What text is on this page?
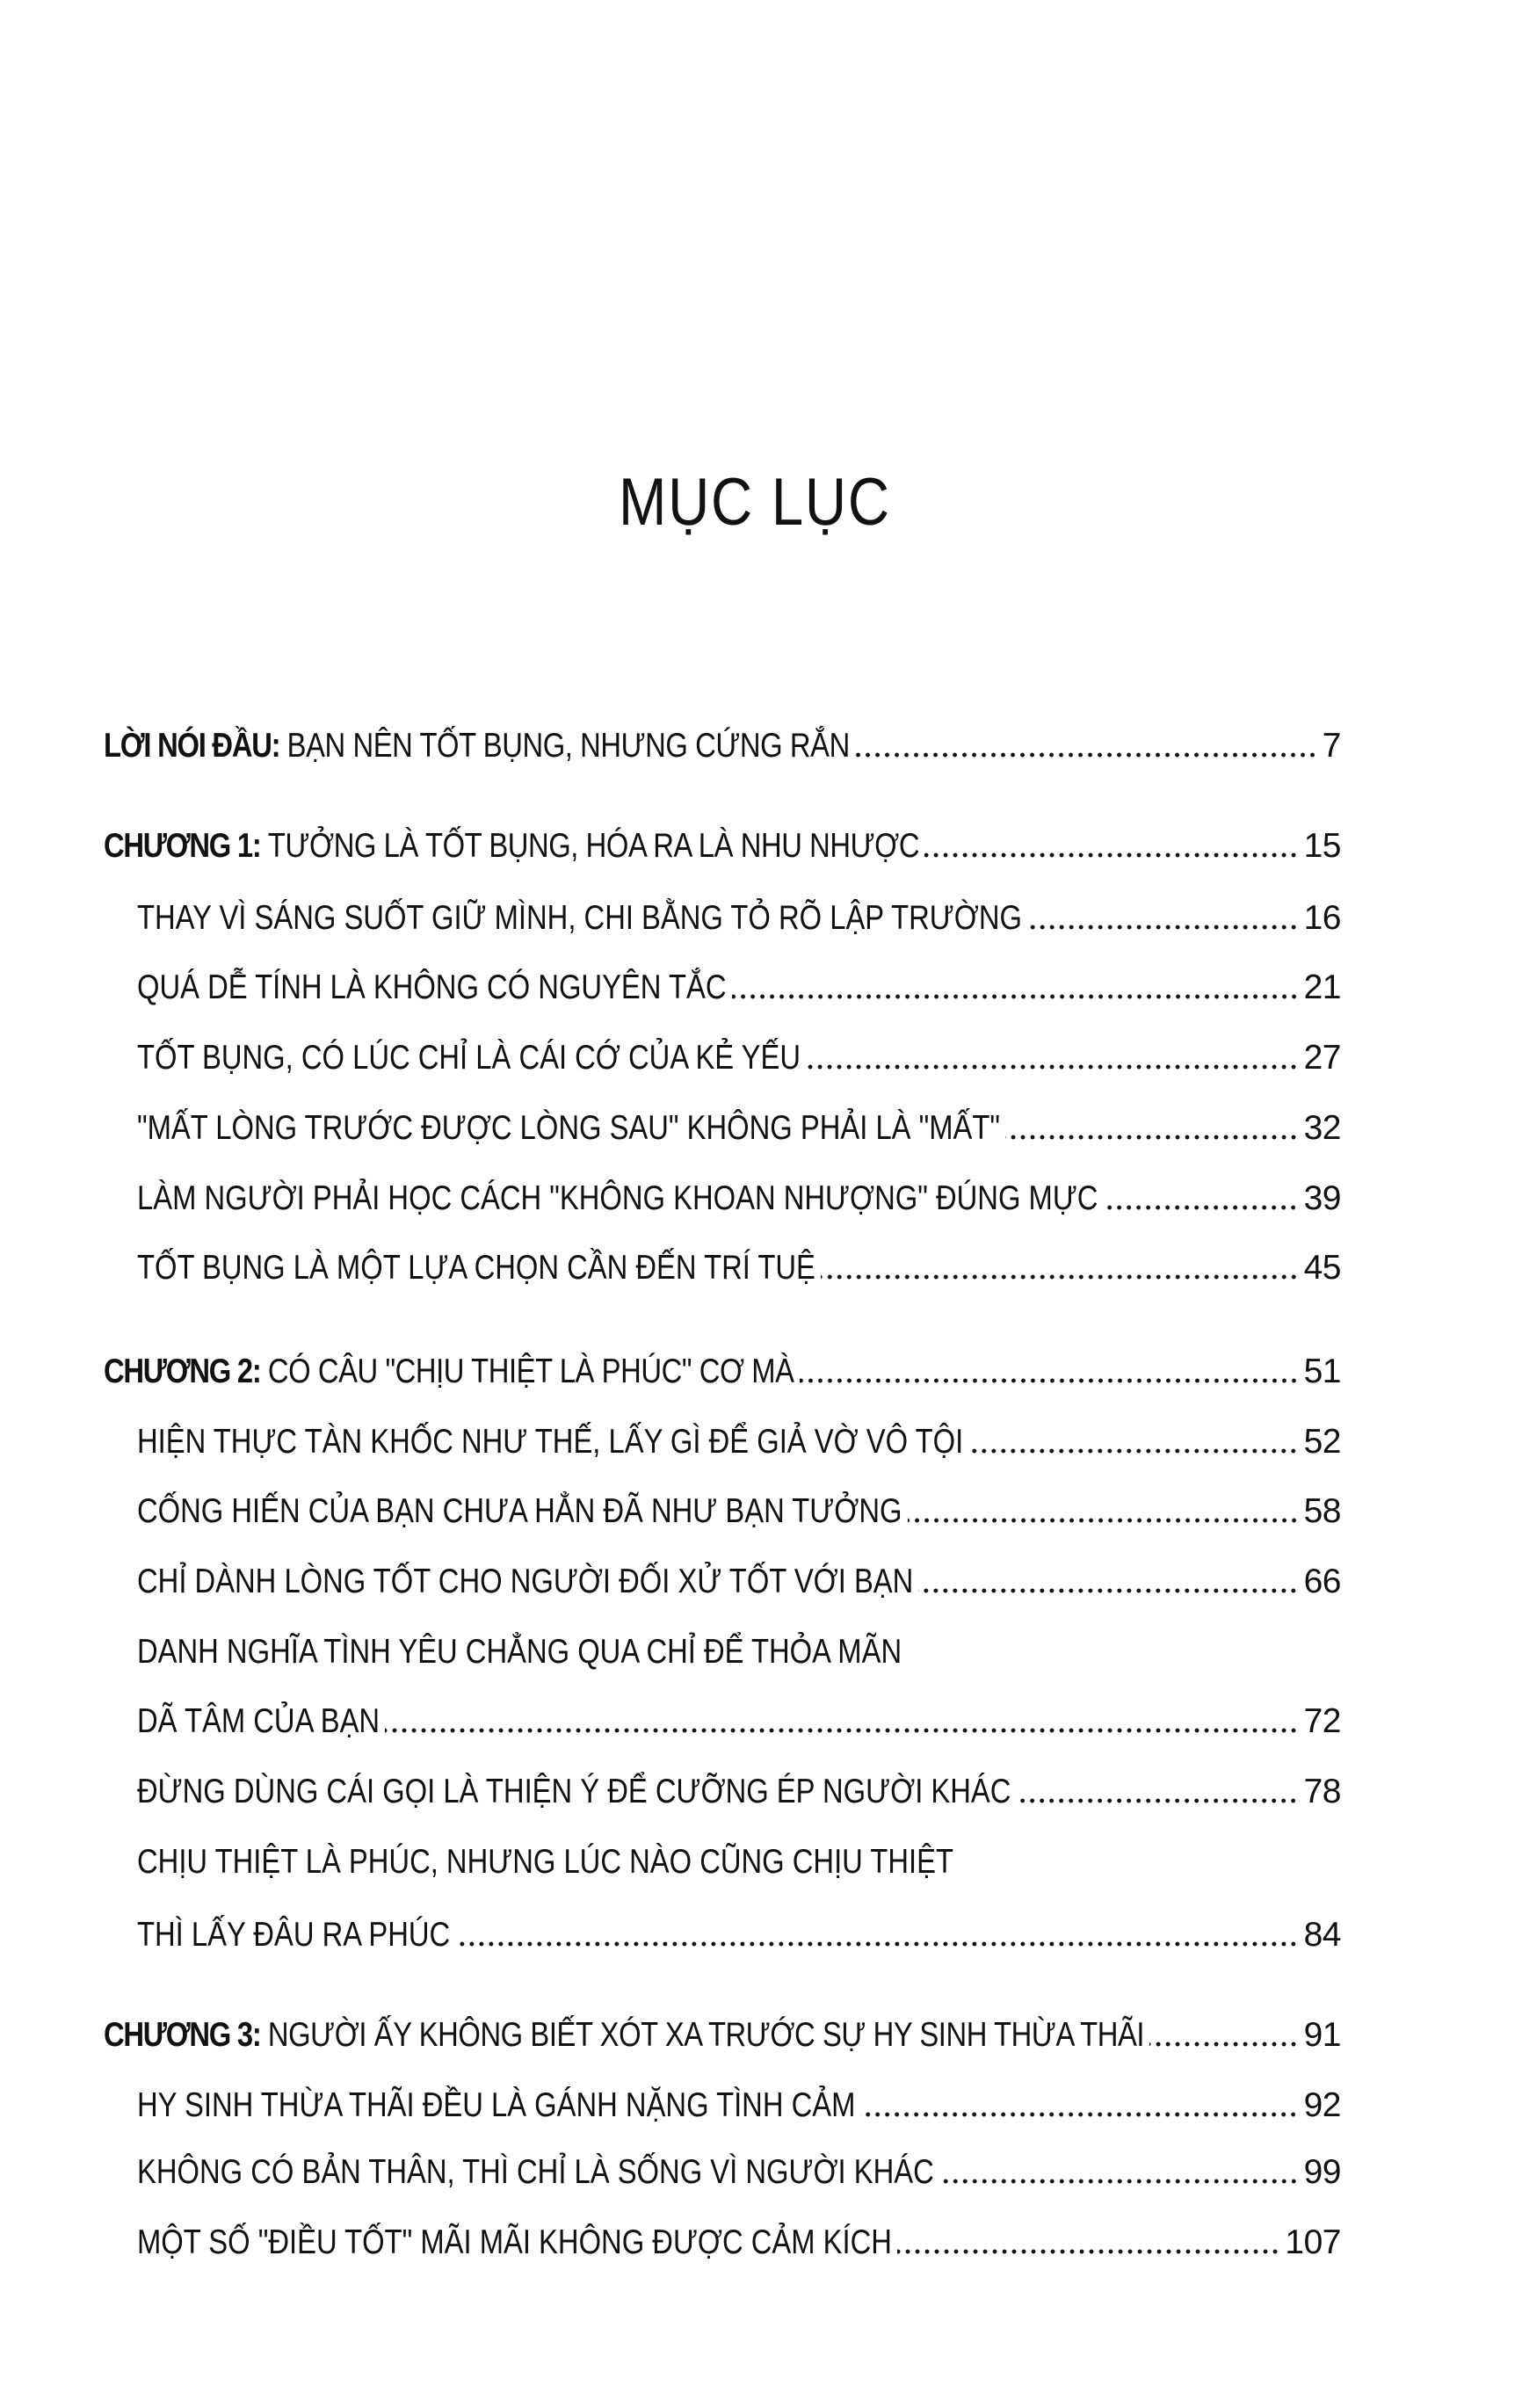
MỤC LỤC
LỜI NÓI ĐẦU: BẠN NÊN TỐT BỤNG, NHƯNG CỨNG RẮN	7
CHƯƠNG 1: TƯỞNG LÀ TỐT BỤNG, HÓA RA LÀ NHU NHƯỢC	15
THAY VÌ SÁNG SUỐT GIỮ MÌNH, CHI BẰNG TỎ RÕ LẬP TRƯỜNG	16
QUÁ DỄ TÍNH LÀ KHÔNG CÓ NGUYÊN TẮC	21
TỐT BỤNG, CÓ LÚC CHỈ LÀ CÁI CỚ CỦA KẺ YẾU	27
"MẤT LÒNG TRƯỚC ĐƯỢC LÒNG SAU" KHÔNG PHẢI LÀ "MẤT"	32
LÀM NGƯỜI PHẢI HỌC CÁCH "KHÔNG KHOAN NHƯỢNG" ĐÚNG MỰC	39
TỐT BỤNG LÀ MỘT LỰA CHỌN CẦN ĐẾN TRÍ TUỆ	45
CHƯƠNG 2: CÓ CÂU "CHỊU THIỆT LÀ PHÚC" CƠ MÀ	51
HIỆN THỰC TÀN KHỐC NHƯ THẾ, LẤY GÌ ĐỂ GIẢ VỜ VÔ TỘI	52
CỐNG HIẾN CỦA BẠN CHƯA HẲN ĐÃ NHƯ BẠN TƯỞNG	58
CHỈ DÀNH LÒNG TỐT CHO NGƯỜI ĐỐI XỬ TỐT VỚI BẠN	66
DANH NGHĨA TÌNH YÊU CHẲNG QUA CHỈ ĐỂ THỎA MÃN
DÃ TÂM CỦA BẠN	72
ĐỪNG DÙNG CÁI GỌI LÀ THIỆN Ý ĐỂ CƯỠNG ÉP NGƯỜI KHÁC	78
CHỊU THIỆT LÀ PHÚC, NHƯNG LÚC NÀO CŨNG CHỊU THIỆT
THÌ LẤY ĐÂU RA PHÚC	84
CHƯƠNG 3: NGƯỜI ẤY KHÔNG BIẾT XÓT XA TRƯỚC SỰ HY SINH THỪA THÃI	91
HY SINH THỪA THÃI ĐỀU LÀ GÁNH NẶNG TÌNH CẢM	92
KHÔNG CÓ BẢN THÂN, THÌ CHỈ LÀ SỐNG VÌ NGƯỜI KHÁC	99
MỘT SỐ "ĐIỀU TỐT" MÃI MÃI KHÔNG ĐƯỢC CẢM KÍCH	107
